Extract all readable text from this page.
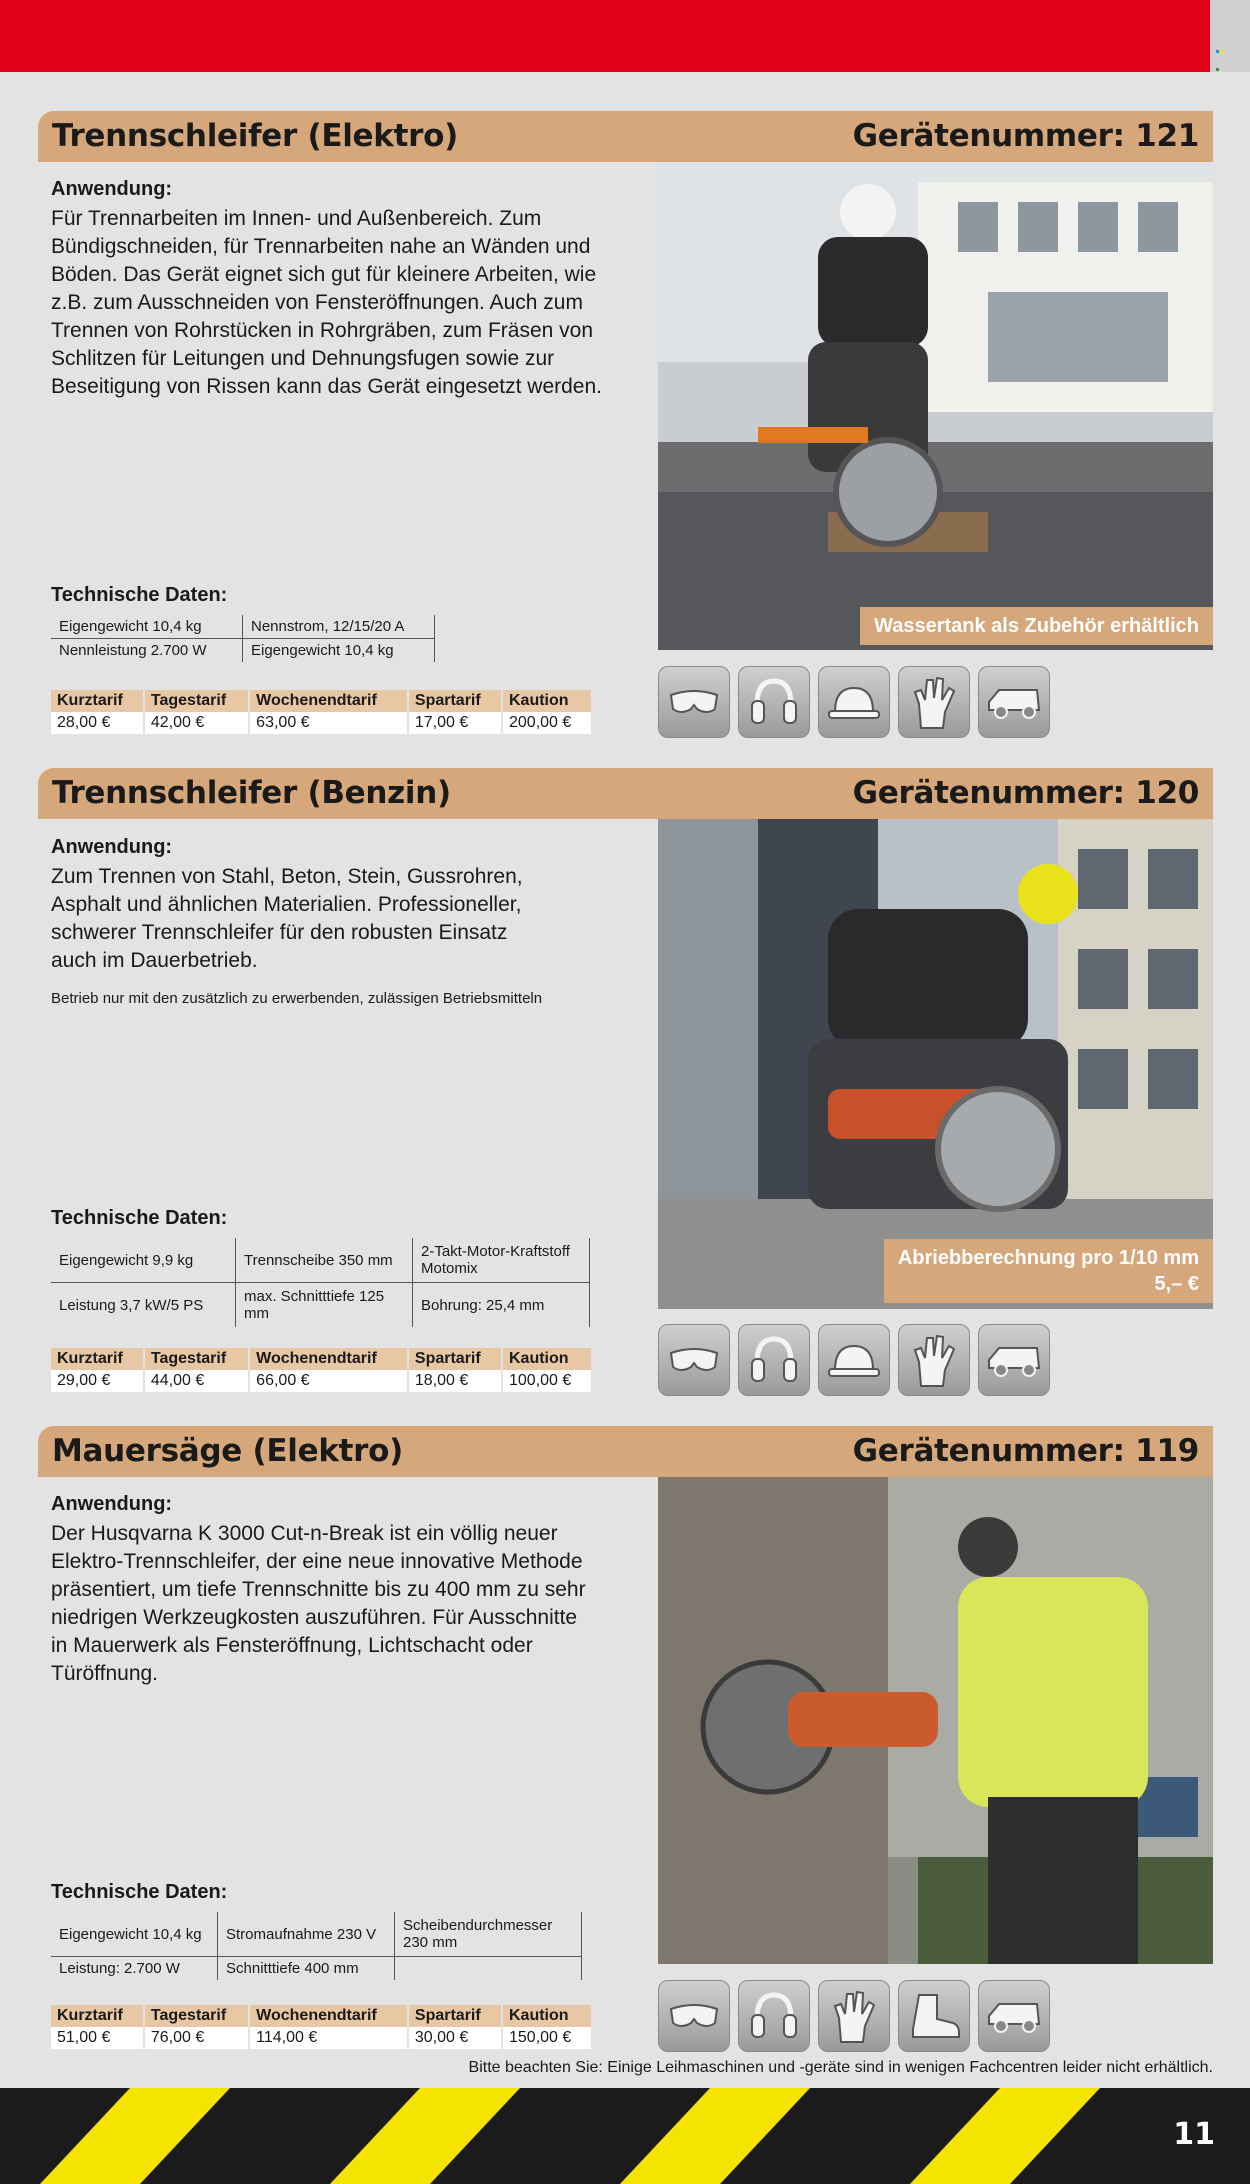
Trennschleifer (Elektro)	Gerätenummer: 121
Anwendung:
Für Trennarbeiten im Innen- und Außenbereich. Zum
Bündigschneiden, für Trennarbeiten nahe an Wänden und
Böden. Das Gerät eignet sich gut für kleinere Arbeiten, wie
z.B. zum Ausschneiden von Fensteröffnungen. Auch zum
Trennen von Rohrstücken in Rohrgräben, zum Fräsen von
Schlitzen für Leitungen und Dehnungsfugen sowie zur
Beseitigung von Rissen kann das Gerät eingesetzt werden.
Technische Daten:
Eigengewicht 10,4 kg	Nennstrom, 12/15/20 A
Nennleistung 2.700 W	Eigengewicht 10,4 kg
Kurztarif	Tagestarif	Wochenendtarif	Spartarif	Kaution
28,00 €	42,00 €	63,00 €	17,00 €	200,00 €
Wassertank als Zubehör erhältlich
Trennschleifer (Benzin)	Gerätenummer: 120
Anwendung:
Zum Trennen von Stahl, Beton, Stein, Gussrohren,
Asphalt und ähnlichen Materialien. Professioneller,
schwerer Trennschleifer für den robusten Einsatz
auch im Dauerbetrieb.
Betrieb nur mit den zusätzlich zu erwerbenden, zulässigen Betriebsmitteln
Technische Daten:
Eigengewicht 9,9 kg	Trennscheibe 350 mm	2-Takt-Motor-Kraftstoff Motomix
Leistung 3,7 kW/5 PS	max. Schnitttiefe 125 mm	Bohrung: 25,4 mm
Kurztarif	Tagestarif	Wochenendtarif	Spartarif	Kaution
29,00 €	44,00 €	66,00 €	18,00 €	100,00 €
Abriebberechnung pro 1/10 mm
5,– €
Mauersäge (Elektro)	Gerätenummer: 119
Anwendung:
Der Husqvarna K 3000 Cut-n-Break ist ein völlig neuer
Elektro-Trennschleifer, der eine neue innovative Methode
präsentiert, um tiefe Trennschnitte bis zu 400 mm zu sehr
niedrigen Werkzeugkosten auszuführen. Für Ausschnitte
in Mauerwerk als Fensteröffnung, Lichtschacht oder
Türöffnung.
Technische Daten:
Eigengewicht 10,4 kg	Stromaufnahme 230 V	Scheibendurchmesser 230 mm
Leistung: 2.700 W	Schnitttiefe 400 mm	
Kurztarif	Tagestarif	Wochenendtarif	Spartarif	Kaution
51,00 €	76,00 €	114,00 €	30,00 €	150,00 €
Bitte beachten Sie: Einige Leihmaschinen und -geräte sind in wenigen Fachcentren leider nicht erhältlich.
11
